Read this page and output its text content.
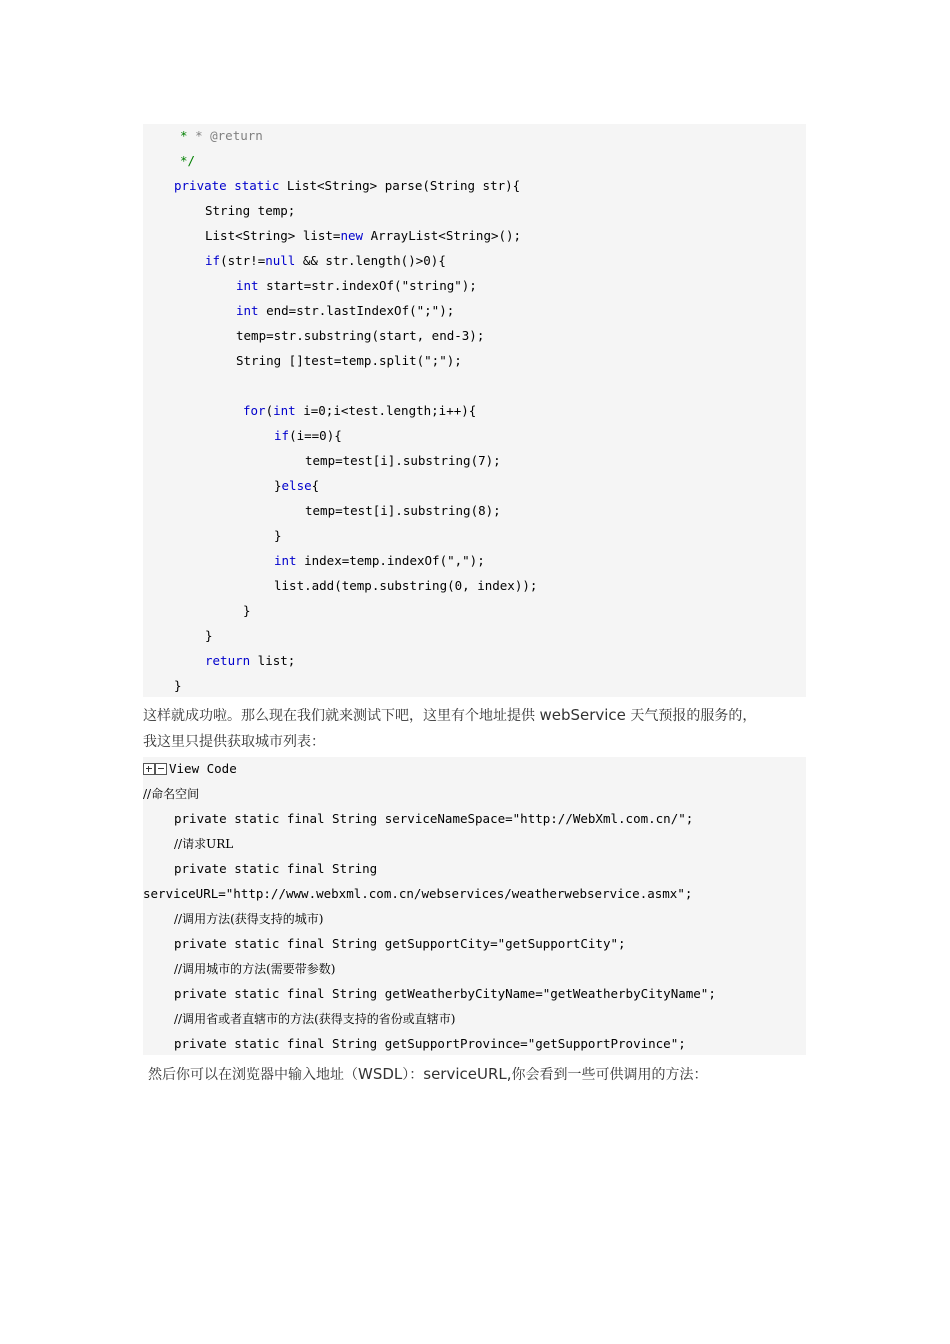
* * @return
*/
private static List<String> parse(String str){
String temp;
List<String> list=new ArrayList<String>();
if(str!=null && str.length()>0){
int start=str.indexOf("string");
int end=str.lastIndexOf(";");
temp=str.substring(start, end-3);
String []test=temp.split(";");
for(int i=0;i<test.length;i++){
if(i==0){
temp=test[i].substring(7);
}else{
temp=test[i].substring(8);
}
int index=temp.indexOf(",");
list.add(temp.substring(0, index));
}
}
return list;
}
这样就成功啦。那么现在我们就来测试下吧，这里有个地址提供 webService 天气预报的服务的，
我这里只提供获取城市列表：
$^{View Code}$
//命名空间
private static final String serviceNameSpace="http://WebXml.com.cn/";
//请求URL
private static final String
serviceURL="http://www.webxml.com.cn/webservices/weatherwebservice.asmx";
//调用方法(获得支持的城市)
private static final String getSupportCity="getSupportCity";
//调用城市的方法(需要带参数)
private static final String getWeatherbyCityName="getWeatherbyCityName";
//调用省或者直辖市的方法(获得支持的省份或直辖市)
private static final String getSupportProvince="getSupportProvince";
然后你可以在浏览器中输入地址（WSDL）：serviceURL,你会看到一些可供调用的方法：
